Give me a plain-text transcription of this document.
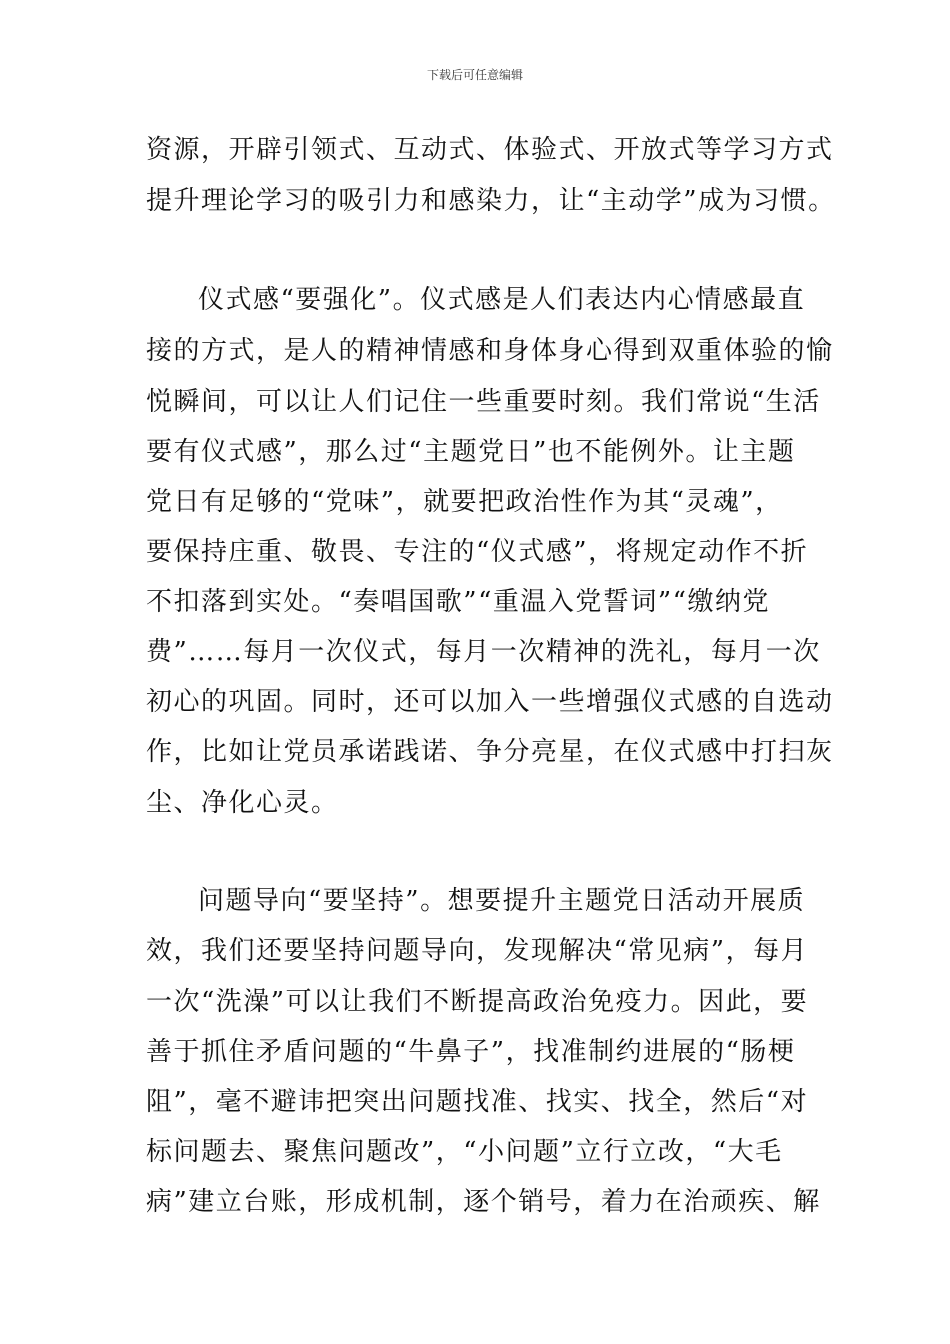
下载后可任意编辑
资源，开辟引领式、互动式、体验式、开放式等学习方式
提升理论学习的吸引力和感染力，让“主动学”成为习惯。
仪式感“要强化”。仪式感是人们表达内心情感最直
接的方式，是人的精神情感和身体身心得到双重体验的愉
悦瞬间，可以让人们记住一些重要时刻。我们常说“生活
要有仪式感”，那么过“主题党日”也不能例外。让主题
党日有足够的“党味”，就要把政治性作为其“灵魂”，
要保持庄重、敬畏、专注的“仪式感”，将规定动作不折
不扣落到实处。“奏唱国歌”“重温入党誓词”“缴纳党
费”……每月一次仪式，每月一次精神的洗礼，每月一次
初心的巩固。同时，还可以加入一些增强仪式感的自选动
作，比如让党员承诺践诺、争分亮星，在仪式感中打扫灰
尘、净化心灵。
问题导向“要坚持”。想要提升主题党日活动开展质
效，我们还要坚持问题导向，发现解决“常见病”，每月
一次“洗澡”可以让我们不断提高政治免疫力。因此，要
善于抓住矛盾问题的“牛鼻子”，找准制约进展的“肠梗
阻”，毫不避讳把突出问题找准、找实、找全，然后“对
标问题去、聚焦问题改”，“小问题”立行立改，“大毛
病”建立台账，形成机制，逐个销号，着力在治顽疾、解
